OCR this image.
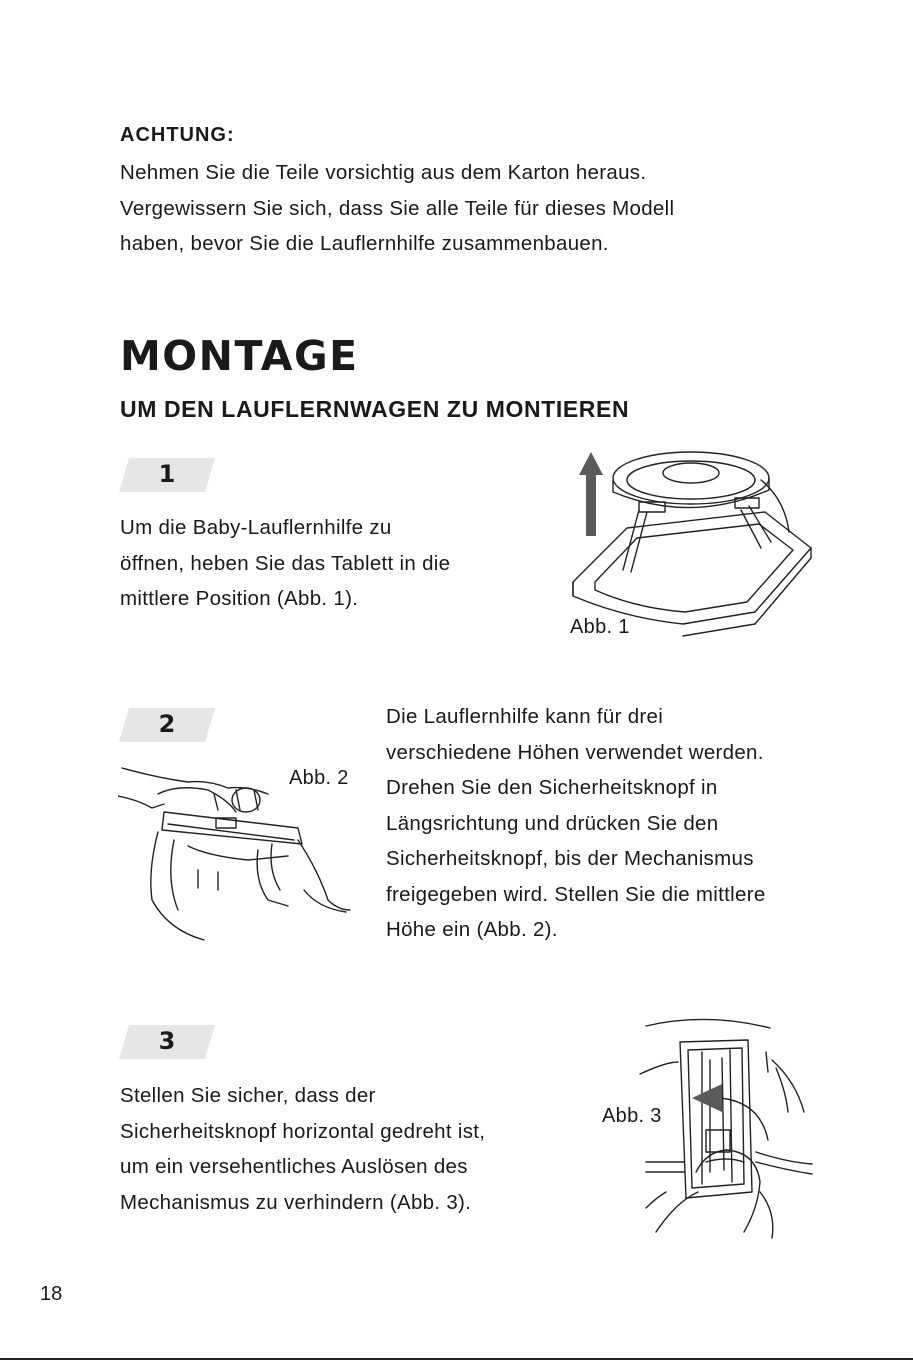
ACHTUNG:

Nehmen Sie die Teile vorsichtig aus dem Karton heraus.

Vergewissern Sie sich, dass Sie alle Teile für dieses Modell

haben, bevor Sie die Lauflernhilfe zusammenbauen.

MONTAGE
UM DEN LAUFLERNWAGEN ZU MONTIEREN
1
Um die Baby-Lauflernhilfe zu
öffnen, heben Sie das Tablett in die
mittlere Position (Abb. 1).
Abb. 1
2
Abb. 2
Die Lauflernhilfe kann für drei
verschiedene Höhen verwendet werden.
Drehen Sie den Sicherheitsknopf in
Längsrichtung und drücken Sie den
Sicherheitsknopf, bis der Mechanismus
freigegeben wird. Stellen Sie die mittlere
Höhe ein (Abb. 2).
3
Stellen Sie sicher, dass der
Sicherheitsknopf horizontal gedreht ist,
um ein versehentliches Auslösen des
Mechanismus zu verhindern (Abb. 3).
Abb. 3
18
